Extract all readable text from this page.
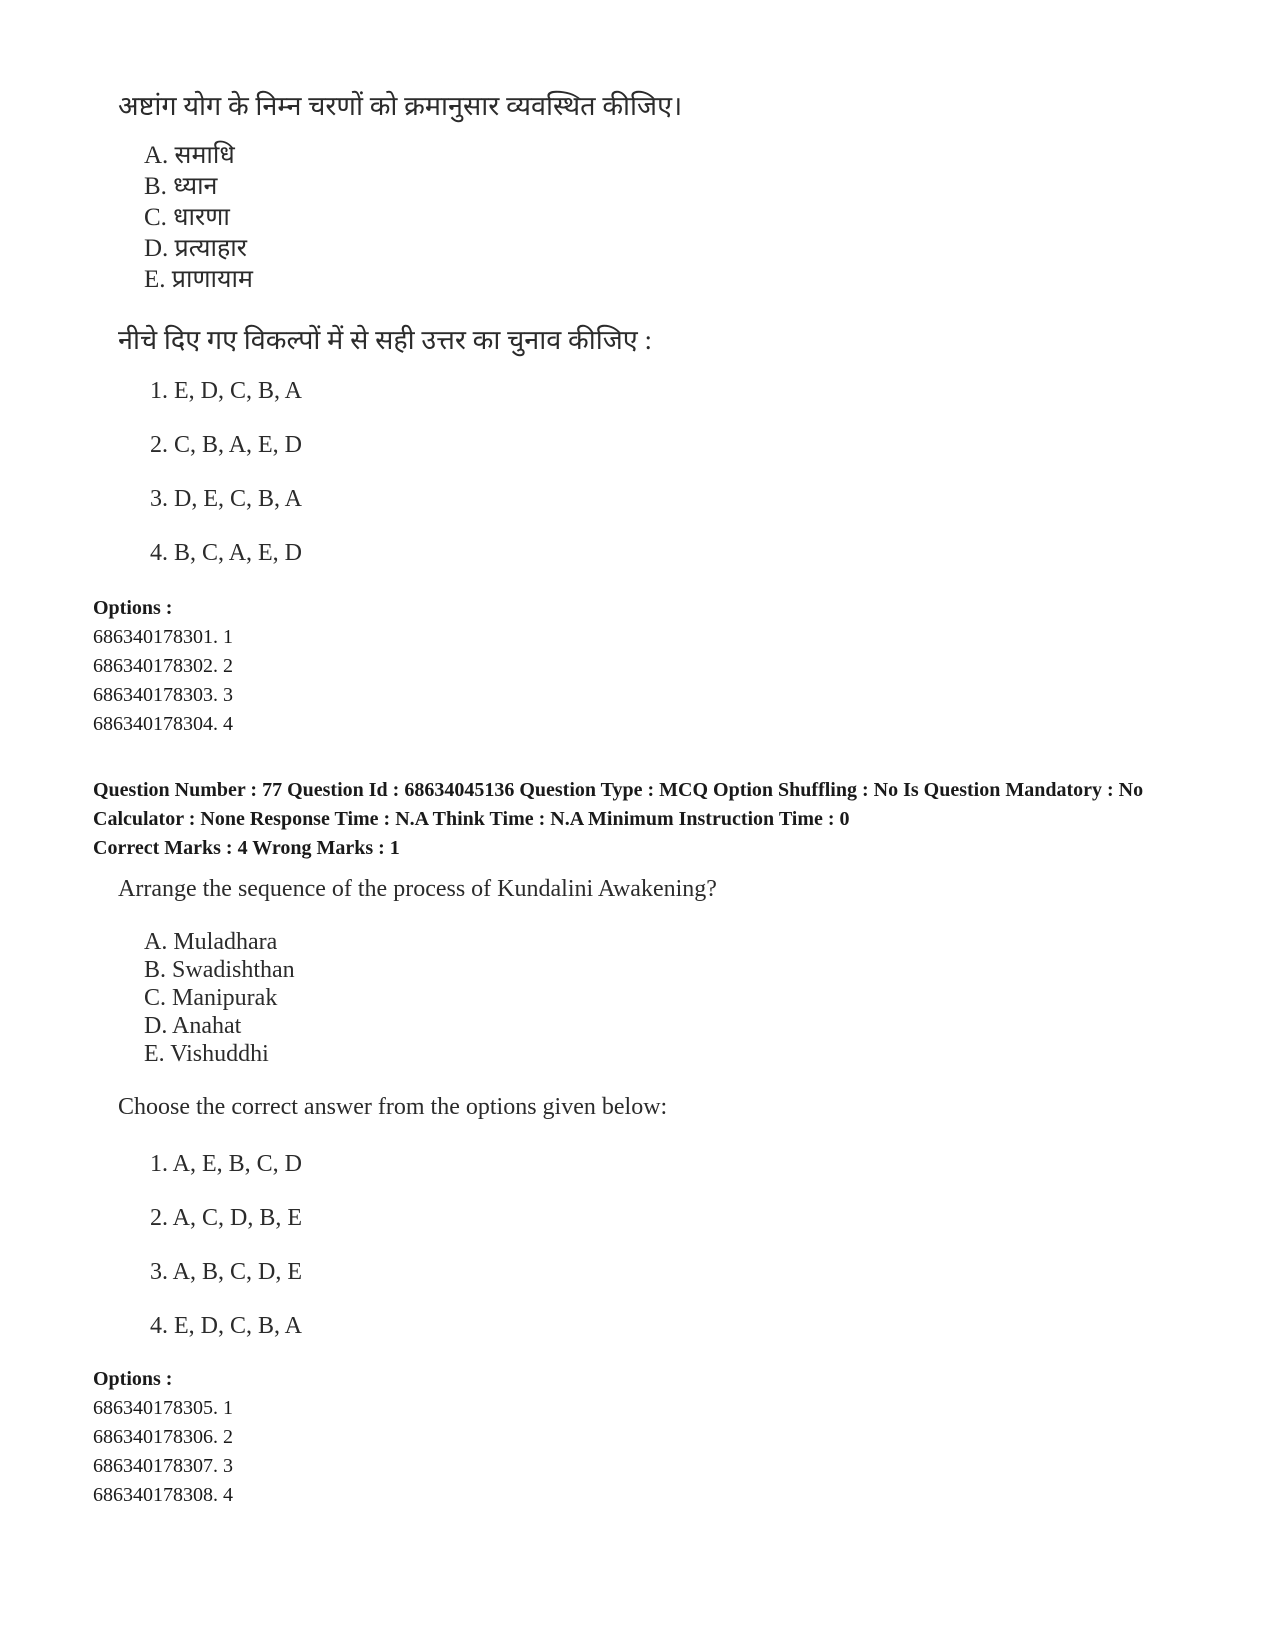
अष्टांग योग के निम्न चरणों को क्रमानुसार व्यवस्थित कीजिए।
A. समाधि
B. ध्यान
C. धारणा
D. प्रत्याहार
E. प्राणायाम
नीचे दिए गए विकल्पों में से सही उत्तर का चुनाव कीजिए :
1. E, D, C, B, A
2. C, B, A, E, D
3. D, E, C, B, A
4. B, C, A, E, D
Options :
686340178301. 1
686340178302. 2
686340178303. 3
686340178304. 4
Question Number : 77 Question Id : 68634045136 Question Type : MCQ Option Shuffling : No Is Question Mandatory : No Calculator : None Response Time : N.A Think Time : N.A Minimum Instruction Time : 0
Correct Marks : 4 Wrong Marks : 1
Arrange the sequence of the process of Kundalini Awakening?
A. Muladhara
B. Swadishthan
C. Manipurak
D. Anahat
E. Vishuddhi
Choose the correct answer from the options given below:
1. A, E, B, C, D
2. A, C, D, B, E
3. A, B, C, D, E
4. E, D, C, B, A
Options :
686340178305. 1
686340178306. 2
686340178307. 3
686340178308. 4
